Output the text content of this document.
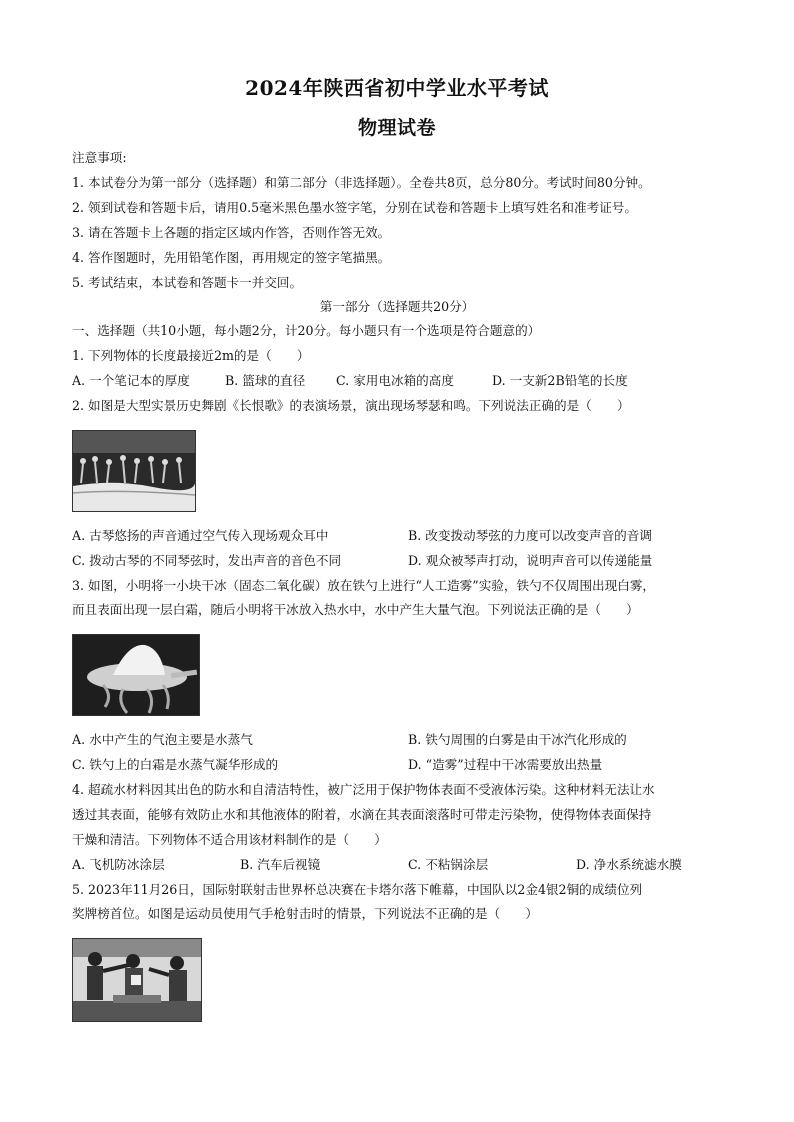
2024年陕西省初中学业水平考试
物理试卷
注意事项:
1. 本试卷分为第一部分（选择题）和第二部分（非选择题）。全卷共8页，总分80分。考试时间80分钟。
2. 领到试卷和答题卡后，请用0.5毫米黑色墨水签字笔，分别在试卷和答题卡上填写姓名和准考证号。
3. 请在答题卡上各题的指定区域内作答，否则作答无效。
4. 答作图题时，先用铅笔作图，再用规定的签字笔描黑。
5. 考试结束，本试卷和答题卡一并交回。
第一部分（选择题共20分）
一、选择题（共10小题，每小题2分，计20分。每小题只有一个选项是符合题意的）
1. 下列物体的长度最接近2m的是（　　）
A. 一个笔记本的厚度	B. 篮球的直径 C. 家用电冰箱的高度	D. 一支新2B铅笔的长度
2. 如图是大型实景历史舞剧《长恨歌》的表演场景，演出现场琴瑟和鸣。下列说法正确的是（　　）
A. 古琴悠扬的声音通过空气传入现场观众耳中	B. 改变拨动琴弦的力度可以改变声音的音调
C. 拨动古琴的不同琴弦时，发出声音的音色不同	D. 观众被琴声打动，说明声音可以传递能量
3. 如图，小明将一小块干冰（固态二氧化碳）放在铁勺上进行“人工造雾”实验，铁勺不仅周围出现白雾，
而且表面出现一层白霜，随后小明将干冰放入热水中，水中产生大量气泡。下列说法正确的是（　　）
A. 水中产生的气泡主要是水蒸气	B. 铁勺周围的白雾是由干冰汽化形成的
C. 铁勺上的白霜是水蒸气凝华形成的	D. “造雾”过程中干冰需要放出热量
4. 超疏水材料因其出色的防水和自清洁特性，被广泛用于保护物体表面不受液体污染。这种材料无法让水
透过其表面，能够有效防止水和其他液体的附着，水滴在其表面滚落时可带走污染物，使得物体表面保持
干燥和清洁。下列物体不适合用该材料制作的是（　　）
A. 飞机防冰涂层	B. 汽车后视镜	C. 不粘锅涂层	D. 净水系统滤水膜
5. 2023年11月26日，国际射联射击世界杯总决赛在卡塔尔落下帷幕，中国队以2金4银2铜的成绩位列
奖牌榜首位。如图是运动员使用气手枪射击时的情景，下列说法不正确的是（　　）
